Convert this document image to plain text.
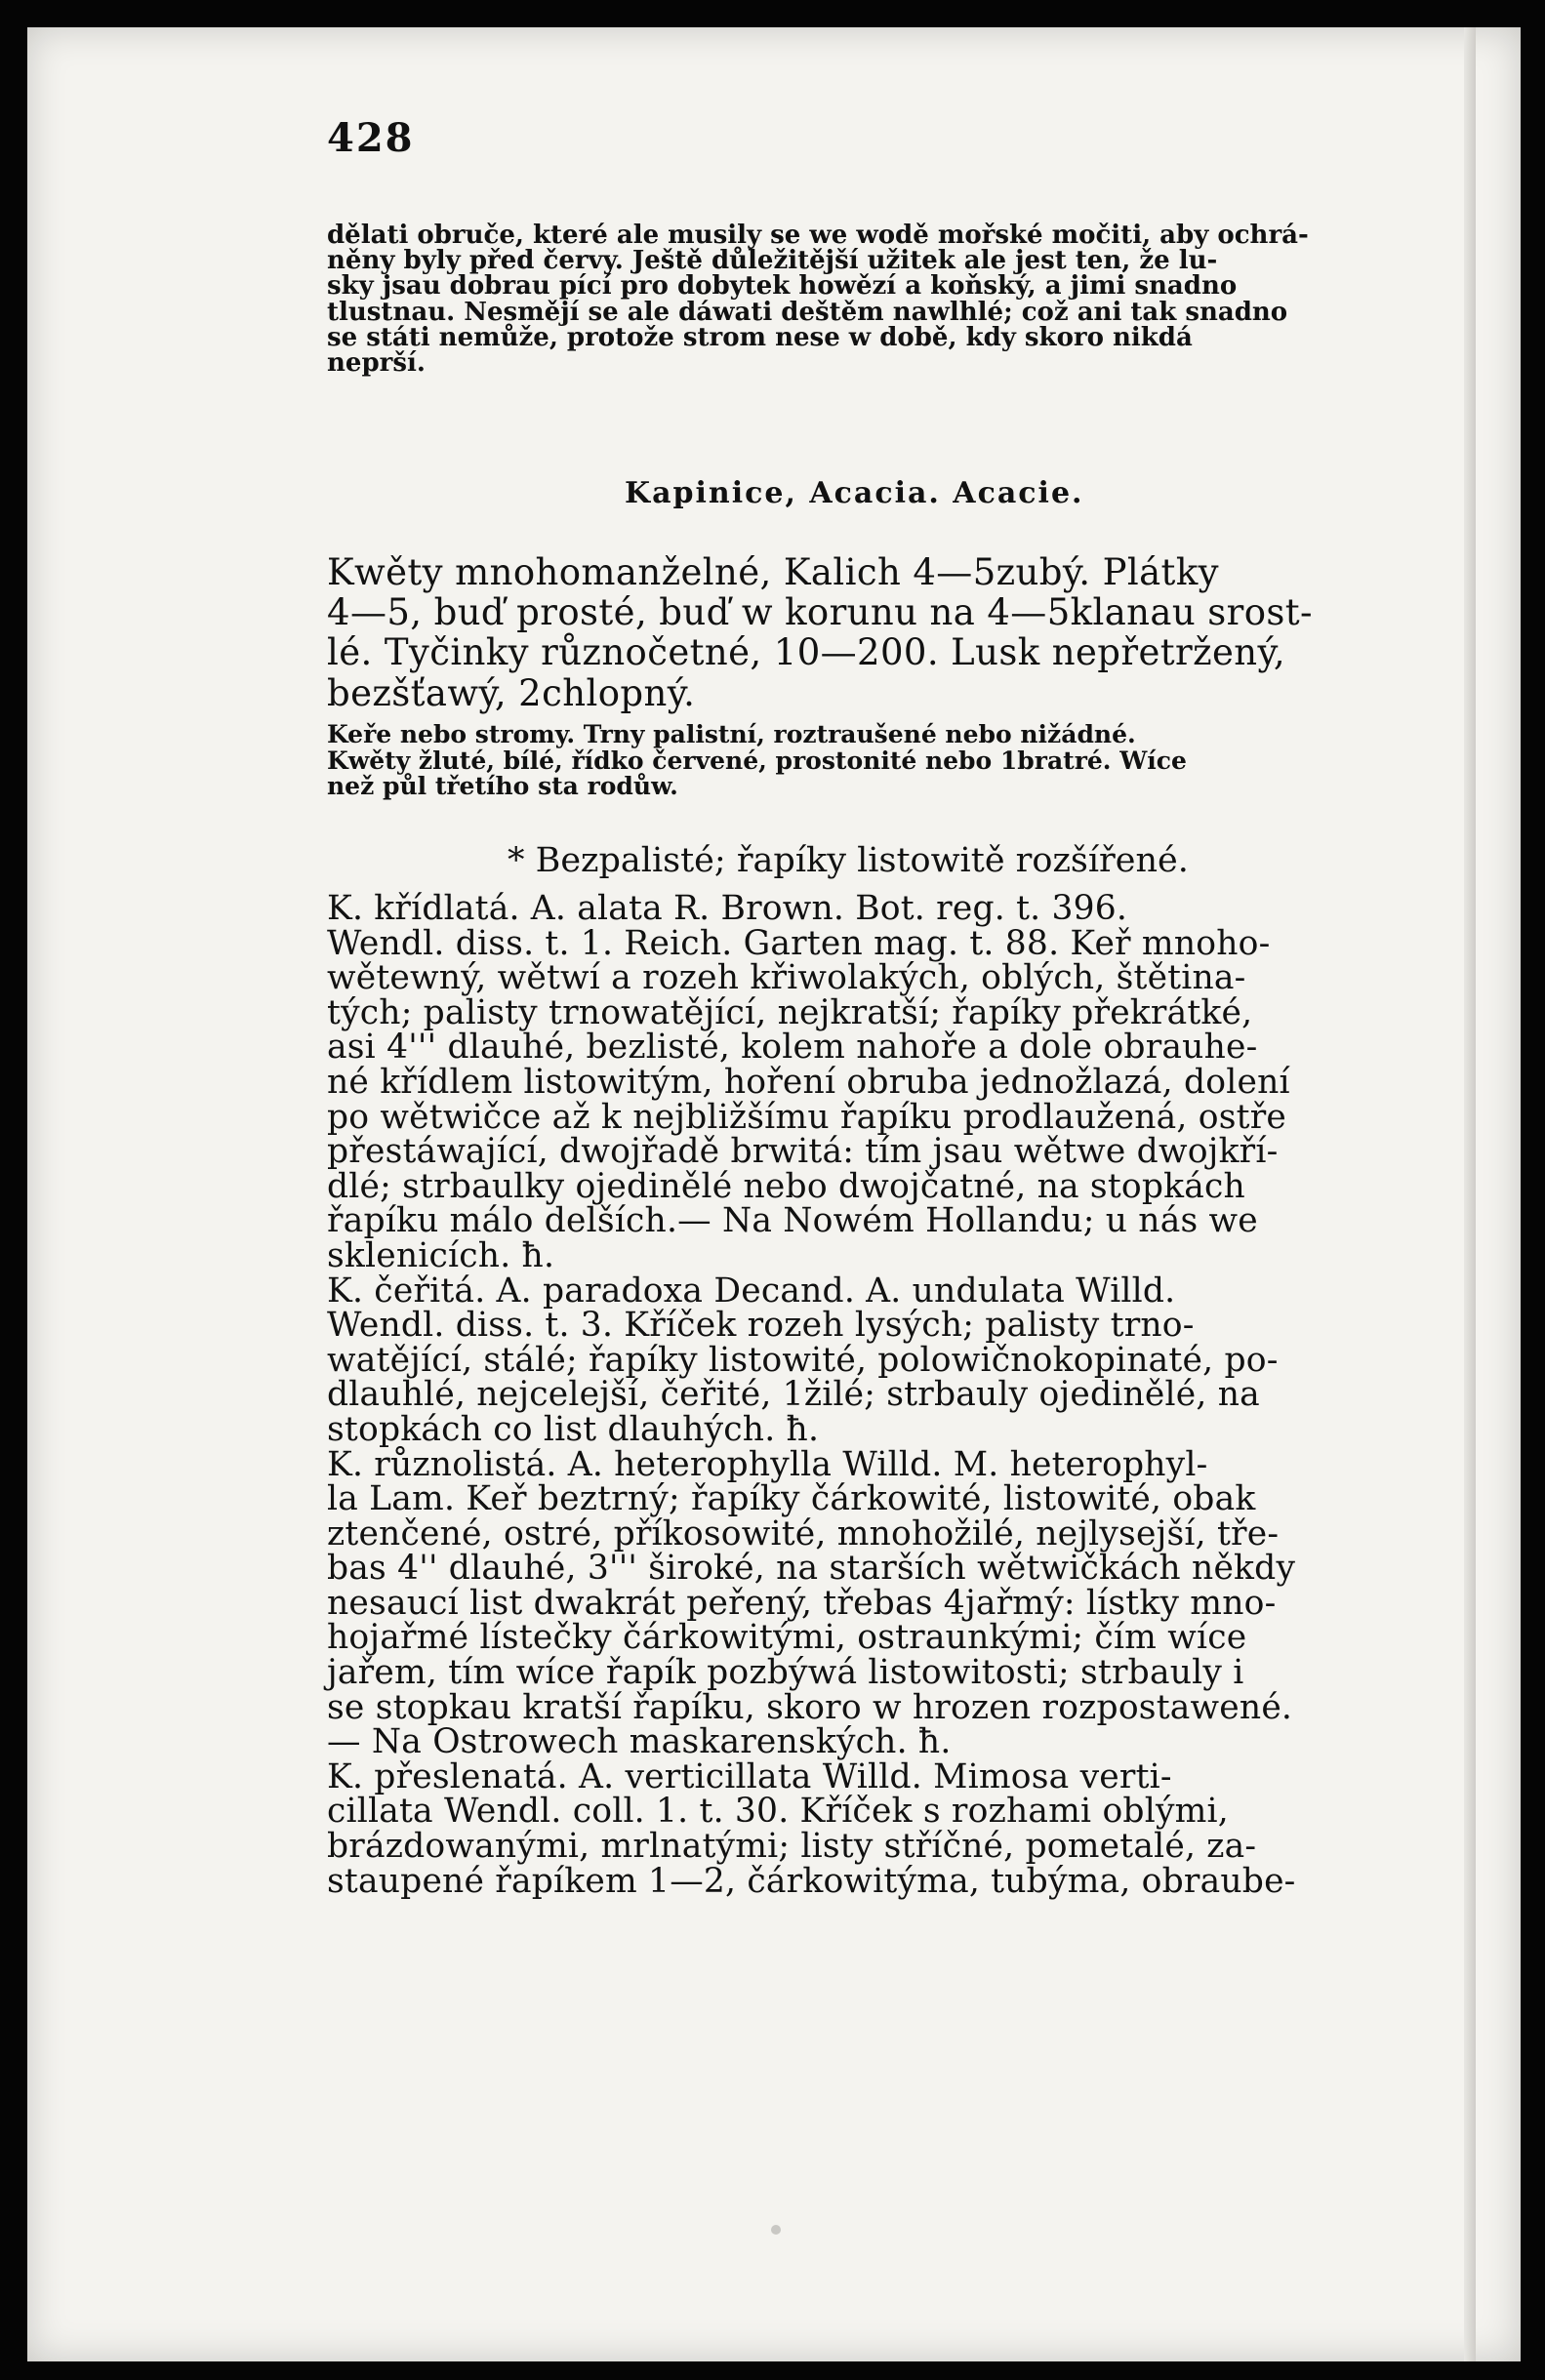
428
dělati obruče, které ale musily se we wodě mořské močiti, aby ochrá-
něny byly před červy. Ještě důležitější užitek ale jest ten, že lu-
sky jsau dobrau pící pro dobytek howězí a koňský, a jimi snadno
tlustnau. Nesmějí se ale dáwati deštěm nawlhlé; což ani tak snadno
se státi nemůže, protože strom nese w době, kdy skoro nikdá
neprší.
Kapinice, Acacia. Acacie.
Kwěty mnohomanželné, Kalich 4—5zubý. Plátky
4—5, buď prosté, buď w korunu na 4—5klanau srost-
lé. Tyčinky různočetné, 10—200. Lusk nepřetržený,
bezšťawý, 2chlopný.
Keře nebo stromy. Trny palistní, roztraušené nebo nižádné.
Kwěty žluté, bílé, řídko červené, prostonité nebo 1bratré. Wíce
než půl třetího sta rodůw.
* Bezpalisté; řapíky listowitě rozšířené.
K. křídlatá. A. alata R. Brown. Bot. reg. t. 396.
Wendl. diss. t. 1. Reich. Garten mag. t. 88. Keř mnoho-
wětewný, wětwí a rozeh křiwolakých, oblých, štětina-
tých; palisty trnowatějící, nejkratší; řapíky překrátké,
asi 4''' dlauhé, bezlisté, kolem nahoře a dole obrauhe-
né křídlem listowitým, hoření obruba jednožlazá, dolení
po wětwičce až k nejbližšímu řapíku prodlaužená, ostře
přestáwající, dwojřadě brwitá: tím jsau wětwe dwojkří-
dlé; strbaulky ojedinělé nebo dwojčatné, na stopkách
řapíku málo delších.— Na Nowém Hollandu; u nás we
sklenicích. ħ.
K. čeřitá. A. paradoxa Decand. A. undulata Willd.
Wendl. diss. t. 3. Kříček rozeh lysých; palisty trno-
watějící, stálé; řapíky listowité, polowičnokopinaté, po-
dlauhlé, nejcelejší, čeřité, 1žilé; strbauly ojedinělé, na
stopkách co list dlauhých. ħ.
K. různolistá. A. heterophylla Willd. M. heterophyl-
la Lam. Keř beztrný; řapíky čárkowité, listowité, obak
ztenčené, ostré, příkosowité, mnohožilé, nejlysejší, tře-
bas 4'' dlauhé, 3''' široké, na starších wětwičkách někdy
nesaucí list dwakrát peřený, třebas 4jařmý: lístky mno-
hojařmé lístečky čárkowitými, ostraunkými; čím wíce
jařem, tím wíce řapík pozbýwá listowitosti; strbauly i
se stopkau kratší řapíku, skoro w hrozen rozpostawené.
— Na Ostrowech maskarenských. ħ.
K. přeslenatá. A. verticillata Willd. Mimosa verti-
cillata Wendl. coll. 1. t. 30. Kříček s rozhami oblými,
brázdowanými, mrlnatými; listy stříčné, pometalé, za-
staupené řapíkem 1—2, čárkowitýma, tubýma, obraube-
